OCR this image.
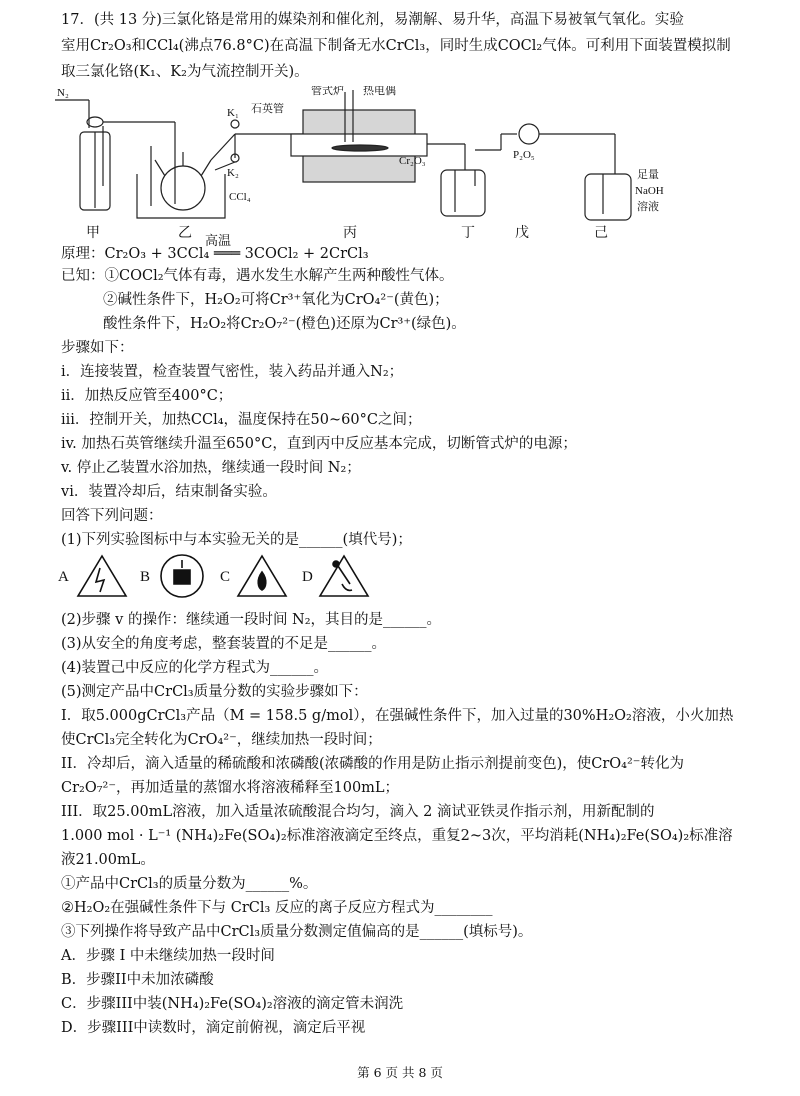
17．(共 13 分)三氯化铬是常用的媒染剂和催化剂，易潮解、易升华，高温下易被氧气氧化。实验
室用Cr₂O₃和CCl₄(沸点76.8°C)在高温下制备无水CrCl₃，同时生成COCl₂气体。可利用下面装置模拟制
取三氯化铬(K₁、K₂为气流控制开关)。
N₂	管式炉 热电偶
石英管
K₁
K₂
CCl₄
Cr₂O₃	P₂O₅
足量
NaOH
溶液
甲	乙	丙	丁	戊	己
高温
原理：Cr₂O₃ + 3CCl₄ ═══ 3COCl₂ + 2CrCl₃
已知：①COCl₂气体有毒，遇水发生水解产生两种酸性气体。
②碱性条件下，H₂O₂可将Cr³⁺氧化为CrO₄²⁻(黄色)；
酸性条件下，H₂O₂将Cr₂O₇²⁻(橙色)还原为Cr³⁺(绿色)。
步骤如下：
i．连接装置，检查装置气密性，装入药品并通入N₂；
ii．加热反应管至400°C；
iii．控制开关，加热CCl₄，温度保持在50~60°C之间；
iv. 加热石英管继续升温至650°C，直到丙中反应基本完成，切断管式炉的电源；
v. 停止乙装置水浴加热，继续通一段时间 N₂；
vi．装置冷却后，结束制备实验。
回答下列问题：
(1)下列实验图标中与本实验无关的是______(填代号)；
A	B	C	D
(2)步骤 v 的操作：继续通一段时间 N₂，其目的是______。
(3)从安全的角度考虑，整套装置的不足是______。
(4)装置己中反应的化学方程式为______。
(5)测定产品中CrCl₃质量分数的实验步骤如下：
I．取5.000gCrCl₃产品（M = 158.5 g/mol），在强碱性条件下，加入过量的30%H₂O₂溶液，小火加热
使CrCl₃完全转化为CrO₄²⁻，继续加热一段时间；
II．冷却后，滴入适量的稀硫酸和浓磷酸(浓磷酸的作用是防止指示剂提前变色)，使CrO₄²⁻转化为
Cr₂O₇²⁻，再加适量的蒸馏水将溶液稀释至100mL；
III．取25.00mL溶液，加入适量浓硫酸混合均匀，滴入 2 滴试亚铁灵作指示剂，用新配制的
1.000 mol · L⁻¹ (NH₄)₂Fe(SO₄)₂标准溶液滴定至终点，重复2~3次，平均消耗(NH₄)₂Fe(SO₄)₂标准溶
液21.00mL。
①产品中CrCl₃的质量分数为______%。
②H₂O₂在强碱性条件下与 CrCl₃ 反应的离子反应方程式为________
③下列操作将导致产品中CrCl₃质量分数测定值偏高的是______(填标号)。
A．步骤 I 中未继续加热一段时间
B．步骤II中未加浓磷酸
C．步骤III中装(NH₄)₂Fe(SO₄)₂溶液的滴定管未润洗
D．步骤III中读数时，滴定前俯视，滴定后平视
第 6 页 共 8 页
